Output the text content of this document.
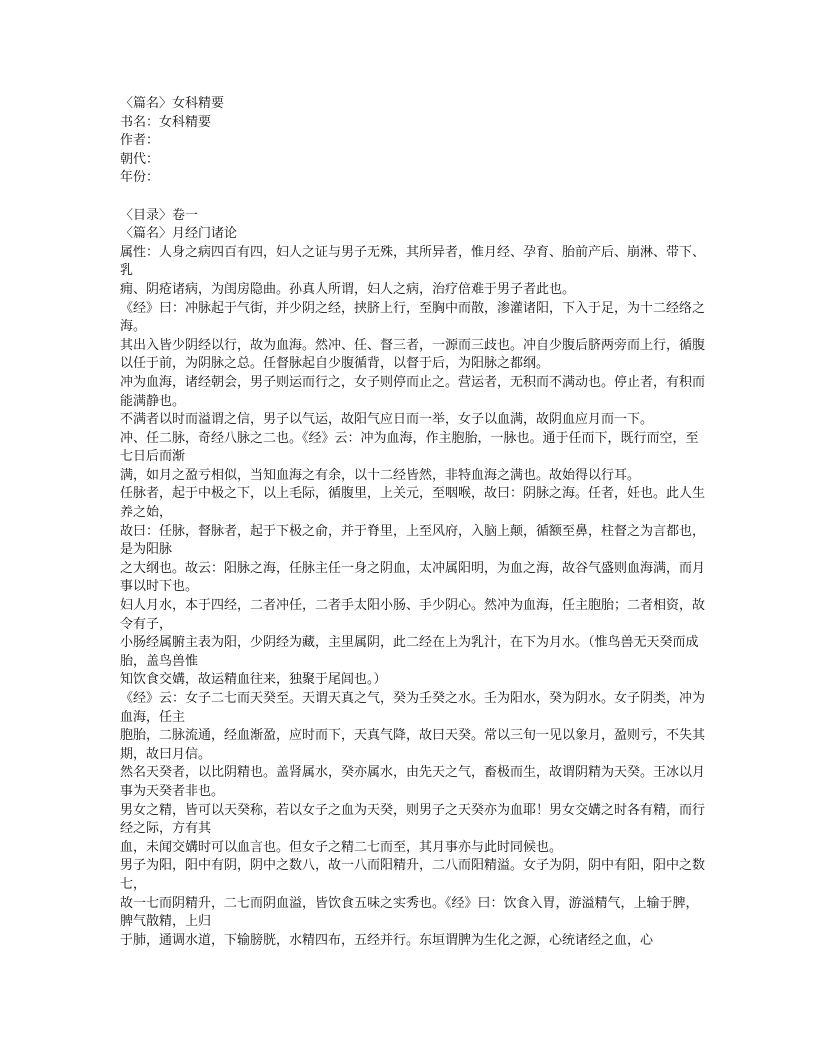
〈篇名〉女科精要
书名：女科精要
作者：
朝代：
年份：
〈目录〉卷一
〈篇名〉月经门诸论
属性：人身之病四百有四，妇人之证与男子无殊，其所异者，惟月经、孕育、胎前产后、崩淋、带下、乳
痈、阴疮诸病，为闺房隐曲。孙真人所谓，妇人之病，治疗倍难于男子者此也。
《经》曰：冲脉起于气街，并少阴之经，挟脐上行，至胸中而散，渗灌诸阳，下入于足，为十二经络之海。
其出入皆少阴经以行，故为血海。然冲、任、督三者，一源而三歧也。冲自少腹后脐两旁而上行，循腹
以任于前，为阴脉之总。任督脉起自少腹循背，以督于后，为阳脉之都纲。
冲为血海，诸经朝会，男子则运而行之，女子则停而止之。营运者，无积而不满动也。停止者，有积而能满静也。
不满者以时而溢谓之信，男子以气运，故阳气应日而一举，女子以血满，故阴血应月而一下。
冲、任二脉，奇经八脉之二也。《经》云：冲为血海，作主胞胎，一脉也。通于任而下，既行而空，至七日后而渐
满，如月之盈亏相似，当知血海之有余，以十二经皆然，非特血海之满也。故始得以行耳。
任脉者，起于中极之下，以上毛际，循腹里，上关元，至咽喉，故曰：阴脉之海。任者，妊也。此人生养之始，
故曰：任脉，督脉者，起于下极之俞，并于脊里，上至风府，入脑上颠，循额至鼻，柱督之为言都也，是为阳脉
之大纲也。故云：阳脉之海，任脉主任一身之阴血，太冲属阳明，为血之海，故谷气盛则血海满，而月事以时下也。
妇人月水，本于四经，二者冲任，二者手太阳小肠、手少阴心。然冲为血海，任主胞胎；二者相资，故令有子，
小肠经属腑主表为阳，少阴经为藏，主里属阴，此二经在上为乳汁，在下为月水。（惟鸟兽无天癸而成胎，盖鸟兽惟
知饮食交媾，故运精血往来，独聚于尾闾也。）
《经》云：女子二七而天癸至。天谓天真之气，癸为壬癸之水。壬为阳水，癸为阴水。女子阴类，冲为血海，任主
胞胎，二脉流通，经血渐盈，应时而下，天真气降，故曰天癸。常以三旬一见以象月，盈则亏，不失其期，故曰月信。
然名天癸者，以比阴精也。盖肾属水，癸亦属水，由先天之气，畜极而生，故谓阴精为天癸。王冰以月事为天癸者非也。
男女之精，皆可以天癸称，若以女子之血为天癸，则男子之天癸亦为血耶！男女交媾之时各有精，而行经之际，方有其
血，未闻交媾时可以血言也。但女子之精二七而至，其月事亦与此时同候也。
男子为阳，阳中有阴，阴中之数八，故一八而阳精升，二八而阳精溢。女子为阴，阴中有阳，阳中之数七，
故一七而阴精升，二七而阴血溢，皆饮食五味之实秀也。《经》曰：饮食入胃，游溢精气，上输于脾，脾气散精，上归
于肺，通调水道，下输膀胱，水精四布，五经并行。东垣谓脾为生化之源，心统诸经之血，心
